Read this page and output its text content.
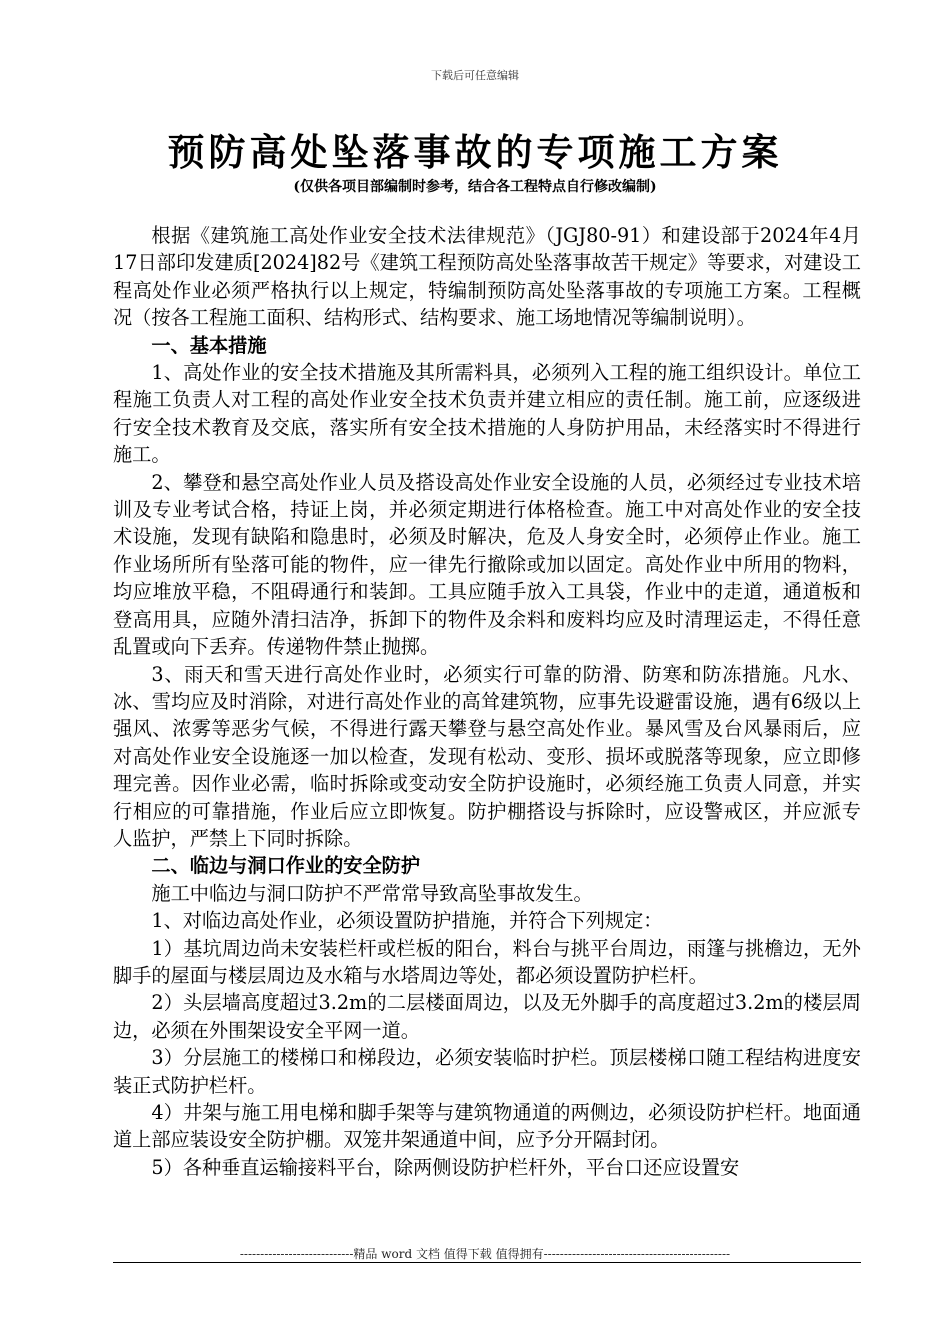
下载后可任意编辑
预防高处坠落事故的专项施工方案
(仅供各项目部编制时参考，结合各工程特点自行修改编制)

根据《建筑施工高处作业安全技术法律规范》（JGJ80-91）和建设部于2024年4月17日部印发建质[2024]82号《建筑工程预防高处坠落事故苦干规定》等要求，对建设工程高处作业必须严格执行以上规定，特编制预防高处坠落事故的专项施工方案。工程概况（按各工程施工面积、结构形式、结构要求、施工场地情况等编制说明）。

一、基本措施

1、高处作业的安全技术措施及其所需料具，必须列入工程的施工组织设计。单位工程施工负责人对工程的高处作业安全技术负责并建立相应的责任制。施工前，应逐级进行安全技术教育及交底，落实所有安全技术措施的人身防护用品，未经落实时不得进行施工。

2、攀登和悬空高处作业人员及搭设高处作业安全设施的人员，必须经过专业技术培训及专业考试合格，持证上岗，并必须定期进行体格检查。施工中对高处作业的安全技术设施，发现有缺陷和隐患时，必须及时解决，危及人身安全时，必须停止作业。施工作业场所所有坠落可能的物件，应一律先行撤除或加以固定。高处作业中所用的物料，均应堆放平稳，不阻碍通行和装卸。工具应随手放入工具袋，作业中的走道，通道板和登高用具，应随外清扫洁净，拆卸下的物件及余料和废料均应及时清理运走，不得任意乱置或向下丢弃。传递物件禁止抛掷。

3、雨天和雪天进行高处作业时，必须实行可靠的防滑、防寒和防冻措施。凡水、冰、雪均应及时消除，对进行高处作业的高耸建筑物，应事先设避雷设施，遇有6级以上强风、浓雾等恶劣气候，不得进行露天攀登与悬空高处作业。暴风雪及台风暴雨后，应对高处作业安全设施逐一加以检查，发现有松动、变形、损坏或脱落等现象，应立即修理完善。因作业必需，临时拆除或变动安全防护设施时，必须经施工负责人同意，并实行相应的可靠措施，作业后应立即恢复。防护棚搭设与拆除时，应设警戒区，并应派专人监护，严禁上下同时拆除。

二、临边与洞口作业的安全防护

施工中临边与洞口防护不严常常导致高坠事故发生。

1、对临边高处作业，必须设置防护措施，并符合下列规定：

1）基坑周边尚未安装栏杆或栏板的阳台，料台与挑平台周边，雨篷与挑檐边，无外脚手的屋面与楼层周边及水箱与水塔周边等处，都必须设置防护栏杆。

2）头层墙高度超过3.2m的二层楼面周边，以及无外脚手的高度超过3.2m的楼层周边，必须在外围架设安全平网一道。

3）分层施工的楼梯口和梯段边，必须安装临时护栏。顶层楼梯口随工程结构进度安装正式防护栏杆。

4）井架与施工用电梯和脚手架等与建筑物通道的两侧边，必须设防护栏杆。地面通道上部应装设安全防护棚。双笼井架通道中间，应予分开隔封闭。

5）各种垂直运输接料平台，除两侧设防护栏杆外，平台口还应设置安

----------------------------精品 word 文档 值得下载 值得拥有----------------------------------------------
